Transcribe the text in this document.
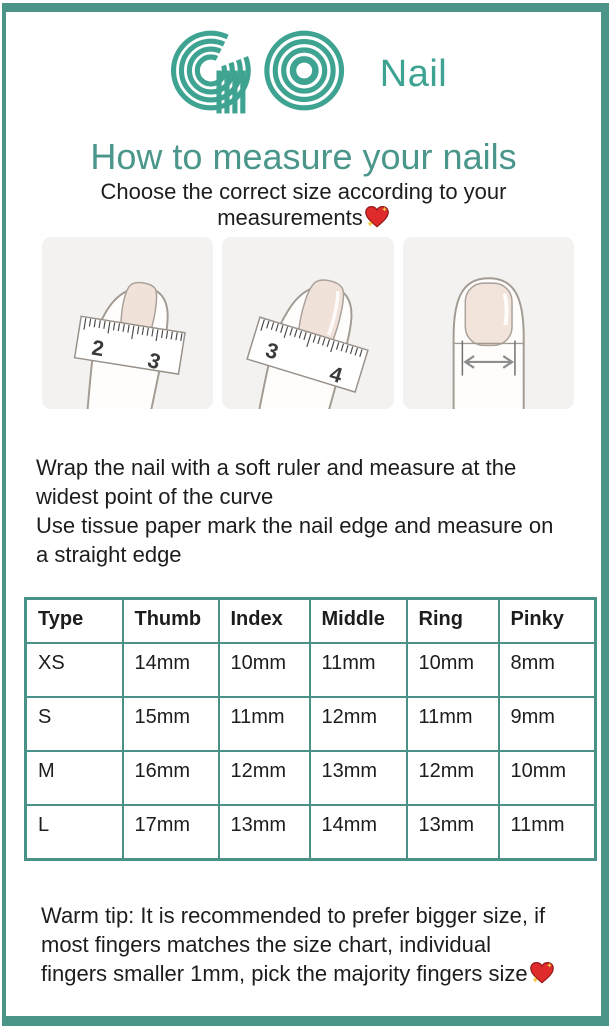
Nail
How to measure your nails
Choose the correct size according to your measurements
2 3	3
4
Wrap the nail with a soft ruler and measure at the widest point of the curve
Use tissue paper mark the nail edge and measure on a straight edge
Type	Thumb	Index	Middle	Ring	Pinky
XS	14mm	10mm	11mm	10mm	8mm
S	15mm	11mm	12mm	11mm	9mm
M	16mm	12mm	13mm	12mm	10mm
L	17mm	13mm	14mm	13mm	11mm
Warm tip: It is recommended to prefer bigger size, if most fingers matches the size chart, individual fingers smaller 1mm, pick the majority fingers size
